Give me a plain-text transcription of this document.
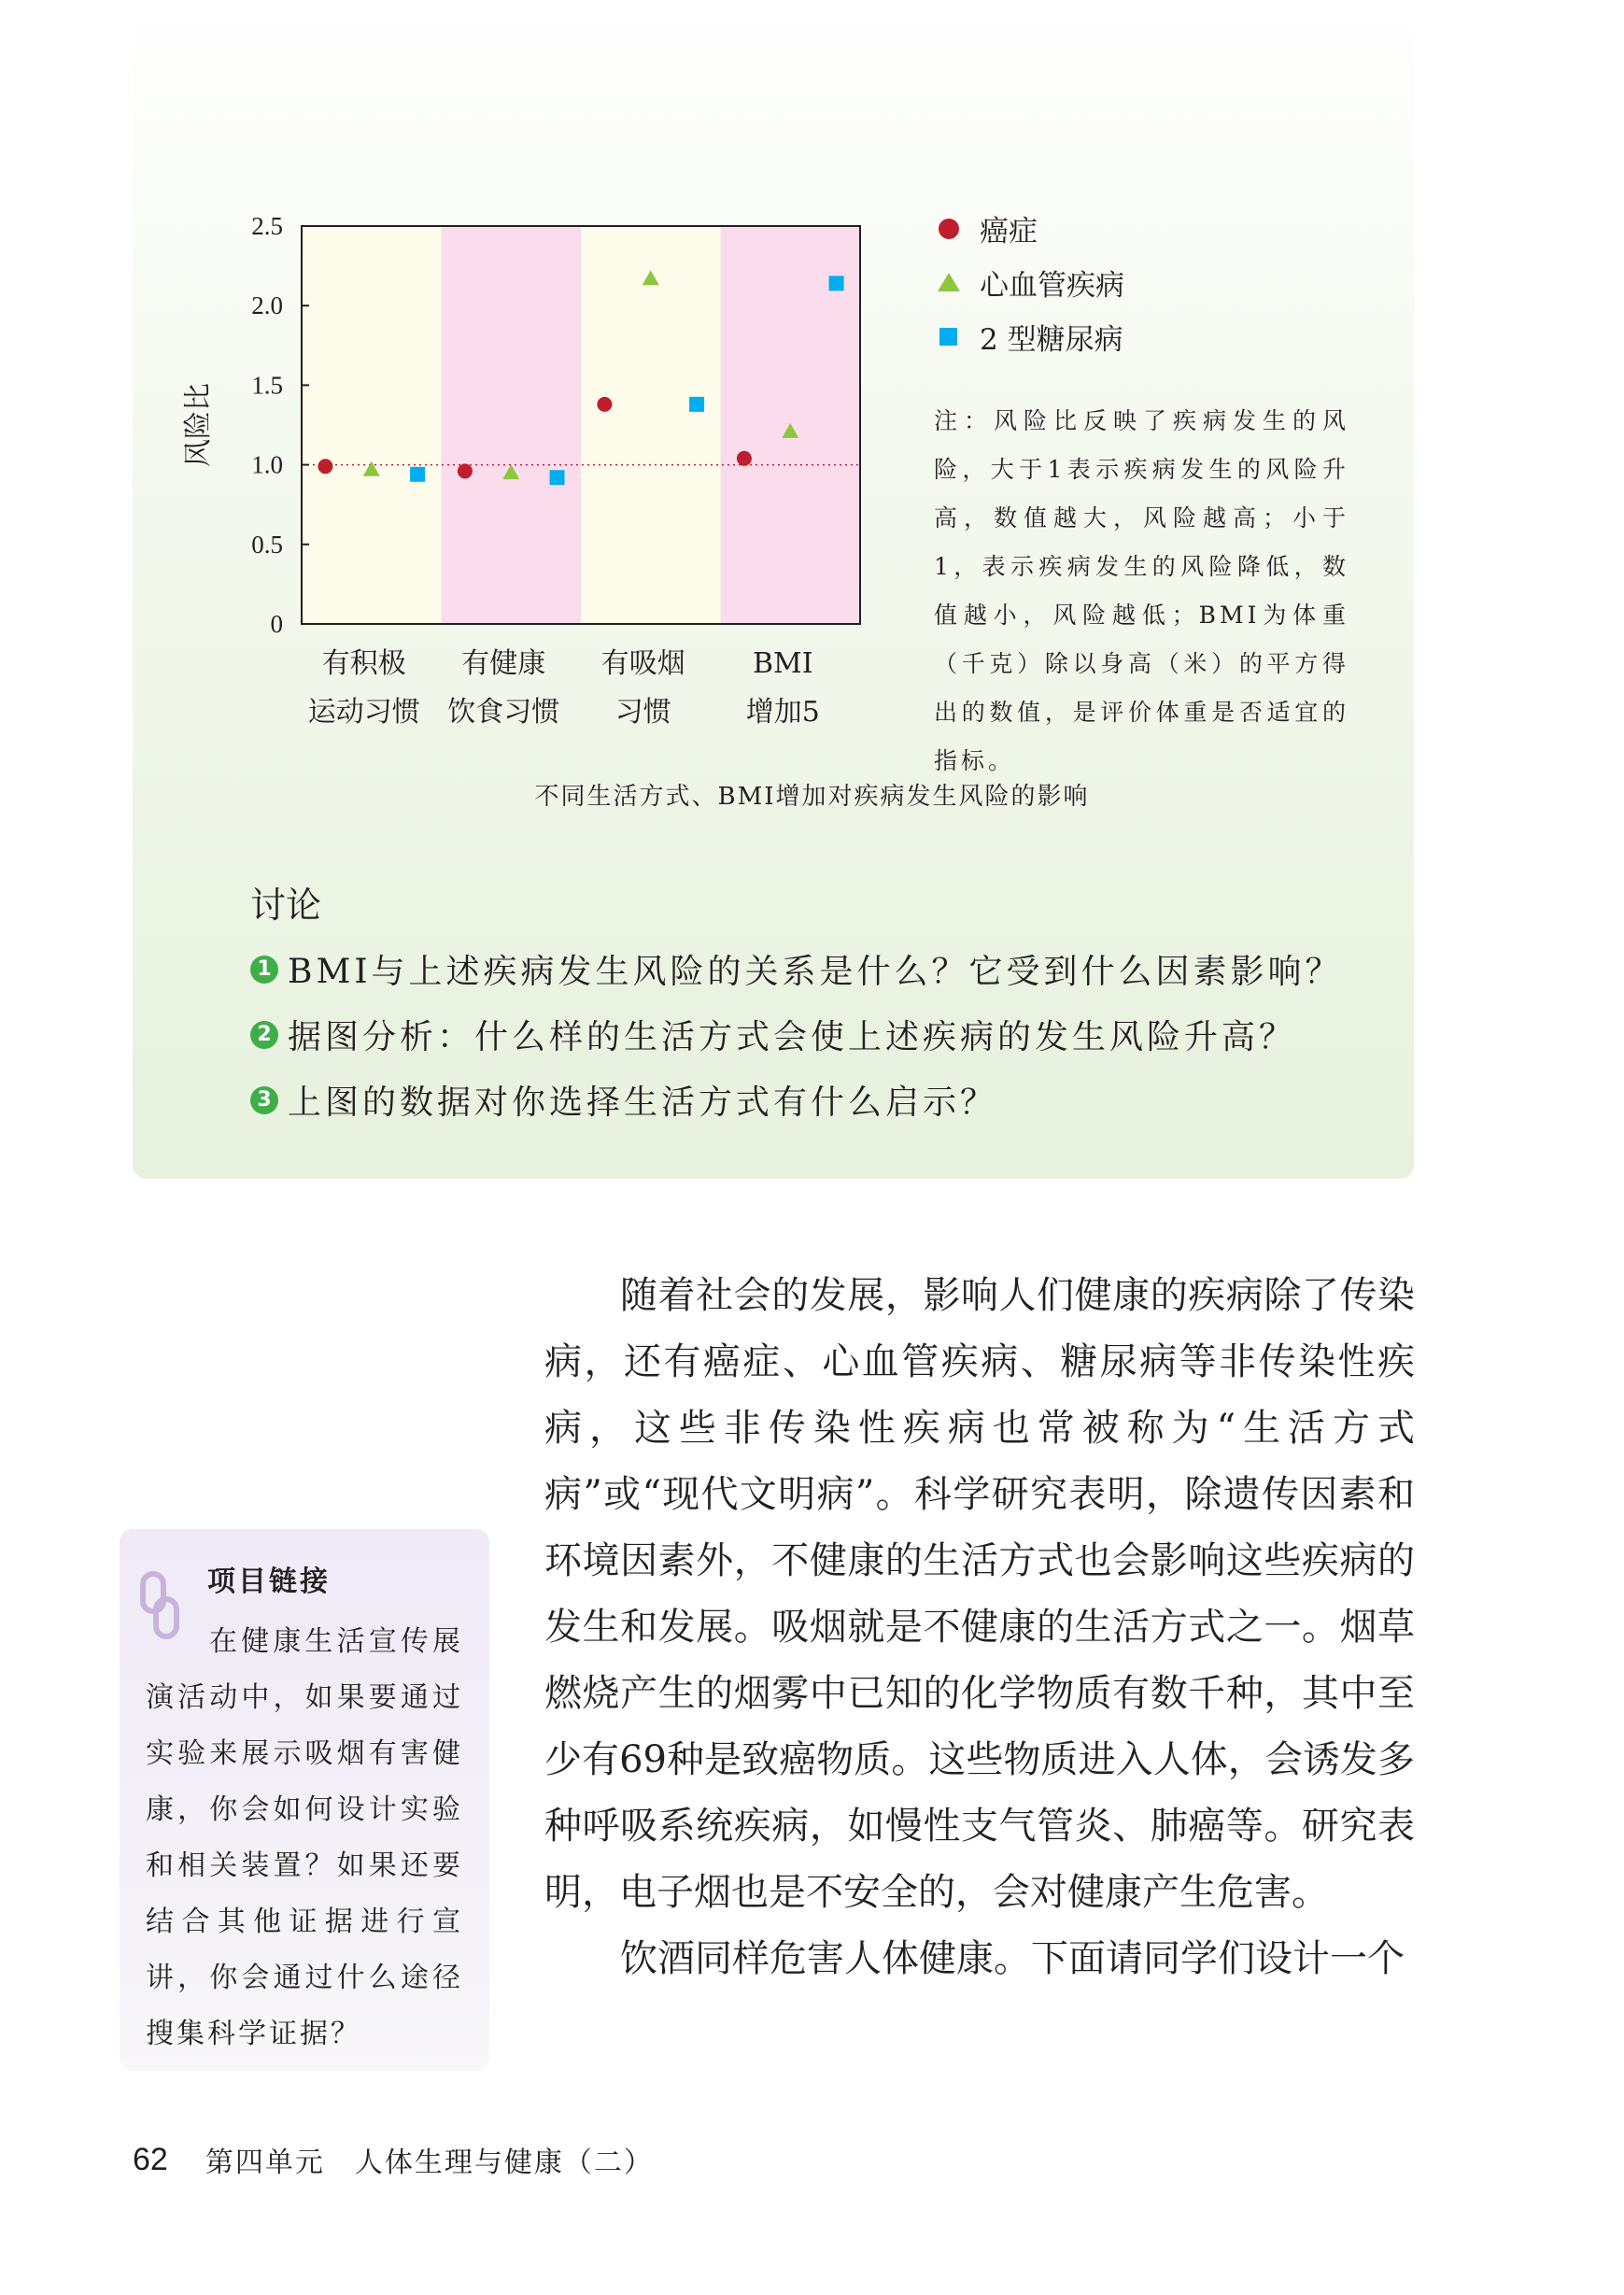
0
0.5
1.0
1.5
2.0
2.5
风险比
有积极
运动习惯
有健康
饮食习惯
有吸烟
习惯
BMI
增加5
癌症
心血管疾病
2 型糖尿病
注：风险比反映了疾病发生的风险，大于1表示疾病发生的风险升高，数值越大，风险越高；小于1，表示疾病发生的风险降低，数值越小，风险越低；BMI为体重（千克）除以身高（米）的平方得出的数值，是评价体重是否适宜的指标。
不同生活方式、BMI增加对疾病发生风险的影响
讨论
1 BMI与上述疾病发生风险的关系是什么？它受到什么因素影响？
2 据图分析：什么样的生活方式会使上述疾病的发生风险升高？
3 上图的数据对你选择生活方式有什么启示？

随着社会的发展，影响人们健康的疾病除了传染病，还有癌症、心血管疾病、糖尿病等非传染性疾病，这些非传染性疾病也常被称为“生活方式病”或“现代文明病”。科学研究表明，除遗传因素和环境因素外，不健康的生活方式也会影响这些疾病的发生和发展。吸烟就是不健康的生活方式之一。烟草燃烧产生的烟雾中已知的化学物质有数千种，其中至少有69种是致癌物质。这些物质进入人体，会诱发多种呼吸系统疾病，如慢性支气管炎、肺癌等。研究表明，电子烟也是不安全的，会对健康产生危害。

饮酒同样危害人体健康。下面请同学们设计一个

项目链接
在健康生活宣传展演活动中，如果要通过实验来展示吸烟有害健康，你会如何设计实验和相关装置？如果还要结合其他证据进行宣讲，你会通过什么途径搜集科学证据？
62 第四单元　人体生理与健康（二）
